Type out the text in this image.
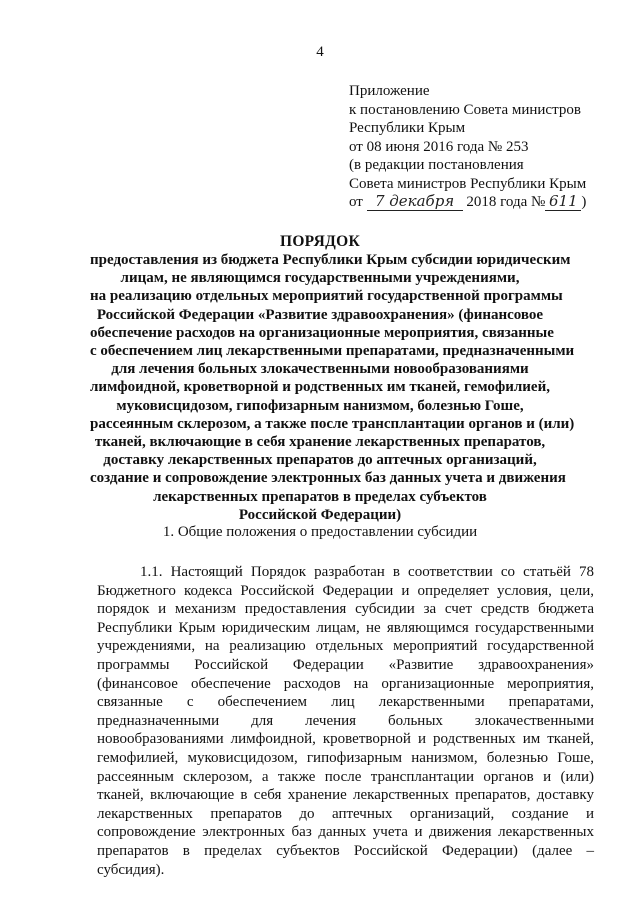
4
Приложение
к постановлению Совета министров
Республики Крым
от 08 июня 2016 года № 253
(в редакции постановления
Совета министров Республики Крым
от 7 декабря 2018 года № 611 )
ПОРЯДОК
предоставления из бюджета Республики Крым субсидии юридическим
лицам, не являющимся государственными учреждениями,
на реализацию отдельных мероприятий государственной программы
Российской Федерации «Развитие здравоохранения» (финансовое
обеспечение расходов на организационные мероприятия, связанные
с обеспечением лиц лекарственными препаратами, предназначенными
для лечения больных злокачественными новообразованиями
лимфоидной, кроветворной и родственных им тканей, гемофилией,
муковисцидозом, гипофизарным нанизмом, болезнью Гоше,
рассеянным склерозом, а также после трансплантации органов и (или)
тканей, включающие в себя хранение лекарственных препаратов,
доставку лекарственных препаратов до аптечных организаций,
создание и сопровождение электронных баз данных учета и движения
лекарственных препаратов в пределах субъектов
Российской Федерации)
1. Общие положения о предоставлении субсидии
1.1. Настоящий Порядок разработан в соответствии со статьёй 78
Бюджетного кодекса Российской Федерации и определяет условия, цели,
порядок и механизм предоставления субсидии за счет средств бюджета
Республики Крым юридическим лицам, не являющимся государственными
учреждениями, на реализацию отдельных мероприятий государственной
программы Российской Федерации «Развитие здравоохранения»
(финансовое обеспечение расходов на организационные мероприятия,
связанные с обеспечением лиц лекарственными препаратами,
предназначенными для лечения больных злокачественными
новообразованиями лимфоидной, кроветворной и родственных им тканей,
гемофилией, муковисцидозом, гипофизарным нанизмом, болезнью Гоше,
рассеянным склерозом, а также после трансплантации органов и (или)
тканей, включающие в себя хранение лекарственных препаратов, доставку
лекарственных препаратов до аптечных организаций, создание и
сопровождение электронных баз данных учета и движения лекарственных
препаратов в пределах субъектов Российской Федерации) (далее –
субсидия).
